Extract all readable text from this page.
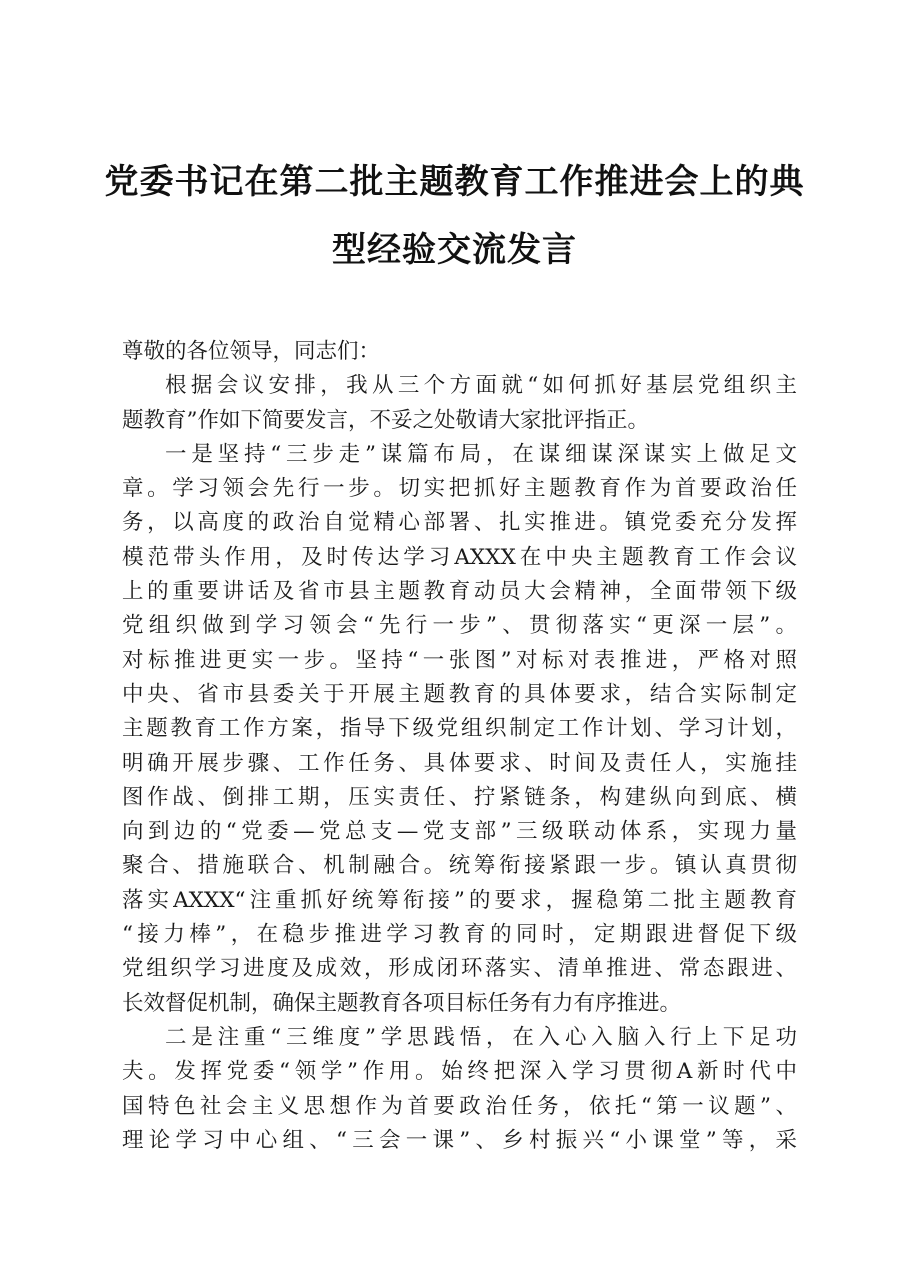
党委书记在第二批主题教育工作推进会上的典
型经验交流发言
尊敬的各位领导，同志们：
根据会议安排，我从三个方面就“如何抓好基层党组织主
题教育”作如下简要发言，不妥之处敬请大家批评指正。
一是坚持“三步走”谋篇布局，在谋细谋深谋实上做足文
章。学习领会先行一步。切实把抓好主题教育作为首要政治任
务，以高度的政治自觉精心部署、扎实推进。镇党委充分发挥
模范带头作用，及时传达学习AXXX在中央主题教育工作会议
上的重要讲话及省市县主题教育动员大会精神，全面带领下级
党组织做到学习领会“先行一步”、贯彻落实“更深一层”。
对标推进更实一步。坚持“一张图”对标对表推进，严格对照
中央、省市县委关于开展主题教育的具体要求，结合实际制定
主题教育工作方案，指导下级党组织制定工作计划、学习计划，
明确开展步骤、工作任务、具体要求、时间及责任人，实施挂
图作战、倒排工期，压实责任、拧紧链条，构建纵向到底、横
向到边的“党委—党总支—党支部”三级联动体系，实现力量
聚合、措施联合、机制融合。统筹衔接紧跟一步。镇认真贯彻
落实AXXX“注重抓好统筹衔接”的要求，握稳第二批主题教育
“接力棒”，在稳步推进学习教育的同时，定期跟进督促下级
党组织学习进度及成效，形成闭环落实、清单推进、常态跟进、
长效督促机制，确保主题教育各项目标任务有力有序推进。
二是注重“三维度”学思践悟，在入心入脑入行上下足功
夫。发挥党委“领学”作用。始终把深入学习贯彻A新时代中
国特色社会主义思想作为首要政治任务，依托“第一议题”、
理论学习中心组、“三会一课”、乡村振兴“小课堂”等，采
